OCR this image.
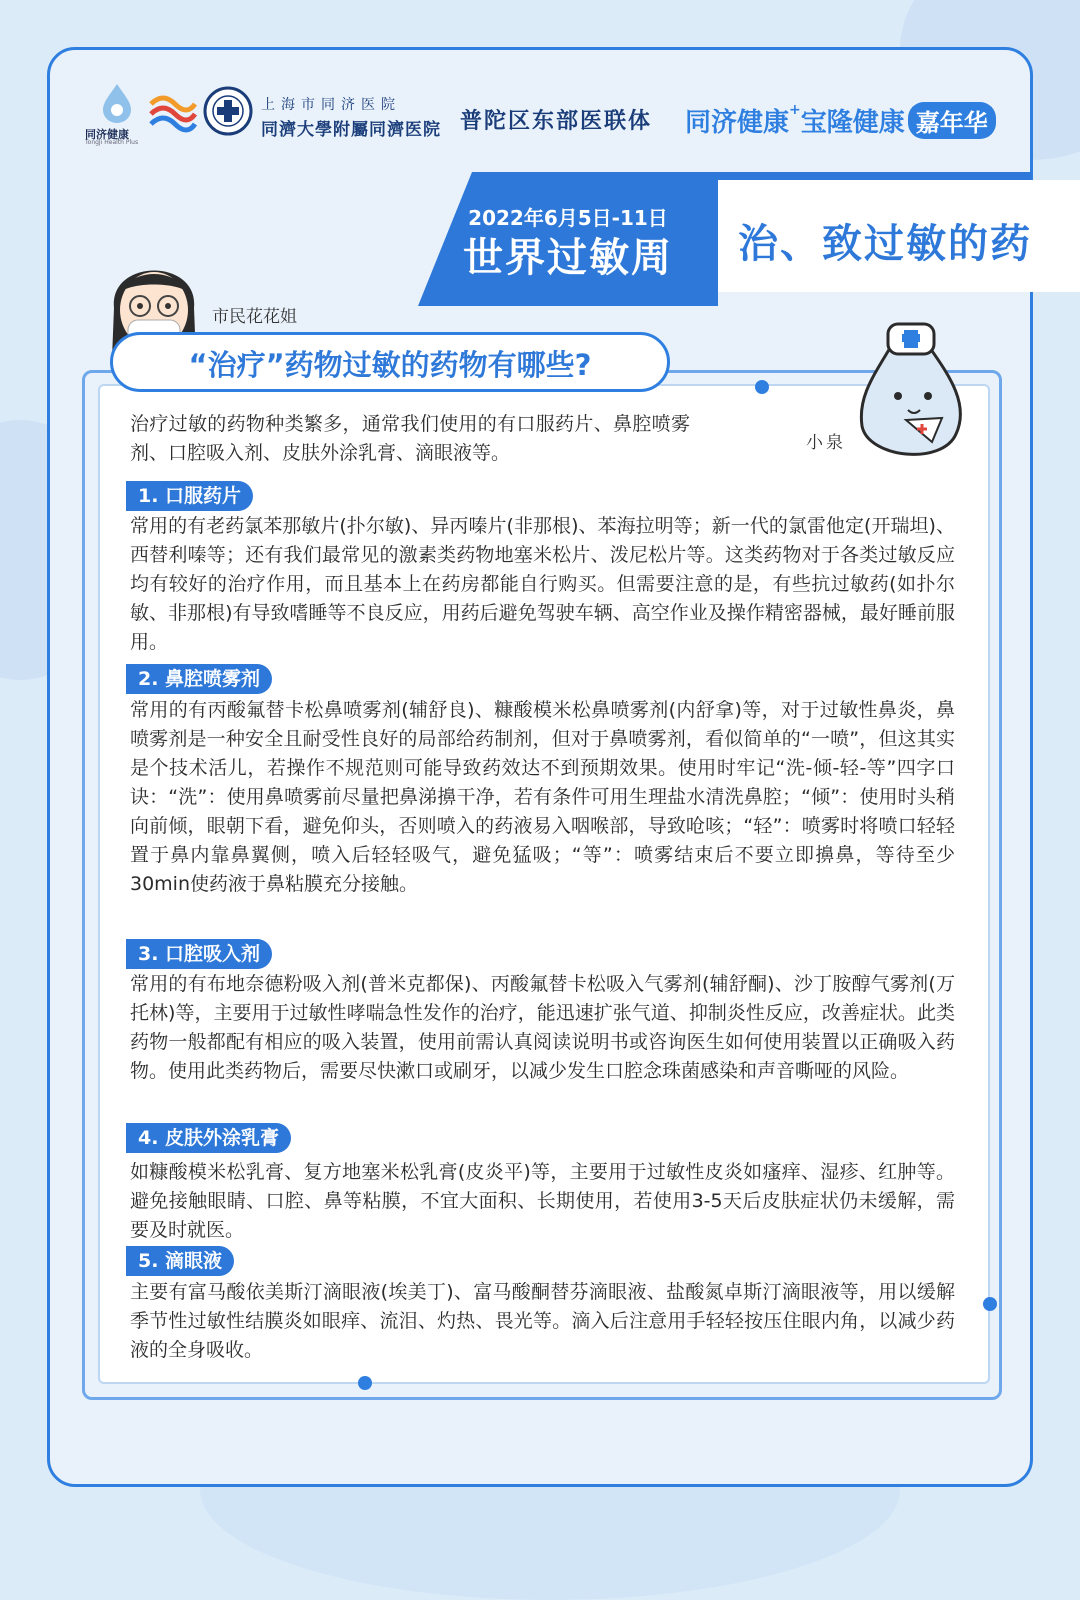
同济健康
TongJi Health Plus
上海市同济医院
同濟大學附屬同濟医院 普陀区东部医联体 同济健康+宝隆健康 嘉年华
2022年6月5日-11日
世界过敏周	治、致过敏的药
市民花花姐
“治疗”药物过敏的药物有哪些?
小泉
治疗过敏的药物种类繁多，通常我们使用的有口服药片、鼻腔喷雾剂、口腔吸入剂、皮肤外涂乳膏、滴眼液等。
1. 口服药片
常用的有老药氯苯那敏片(扑尔敏)、异丙嗪片(非那根)、苯海拉明等；新一代的氯雷他定(开瑞坦)、西替利嗪等；还有我们最常见的激素类药物地塞米松片、泼尼松片等。这类药物对于各类过敏反应均有较好的治疗作用，而且基本上在药房都能自行购买。但需要注意的是，有些抗过敏药(如扑尔敏、非那根)有导致嗜睡等不良反应，用药后避免驾驶车辆、高空作业及操作精密器械，最好睡前服用。
2. 鼻腔喷雾剂
常用的有丙酸氟替卡松鼻喷雾剂(辅舒良)、糠酸模米松鼻喷雾剂(内舒拿)等，对于过敏性鼻炎，鼻喷雾剂是一种安全且耐受性良好的局部给药制剂，但对于鼻喷雾剂，看似简单的“一喷”，但这其实是个技术活儿，若操作不规范则可能导致药效达不到预期效果。使用时牢记“洗-倾-轻-等”四字口诀：“洗”：使用鼻喷雾前尽量把鼻涕擤干净，若有条件可用生理盐水清洗鼻腔；“倾”：使用时头稍向前倾，眼朝下看，避免仰头，否则喷入的药液易入咽喉部，导致呛咳；“轻”：喷雾时将喷口轻轻置于鼻内靠鼻翼侧，喷入后轻轻吸气，避免猛吸；“等”：喷雾结束后不要立即擤鼻，等待至少30min使药液于鼻粘膜充分接触。
3. 口腔吸入剂
常用的有布地奈德粉吸入剂(普米克都保)、丙酸氟替卡松吸入气雾剂(辅舒酮)、沙丁胺醇气雾剂(万托林)等，主要用于过敏性哮喘急性发作的治疗，能迅速扩张气道、抑制炎性反应，改善症状。此类药物一般都配有相应的吸入装置，使用前需认真阅读说明书或咨询医生如何使用装置以正确吸入药物。使用此类药物后，需要尽快漱口或刷牙，以减少发生口腔念珠菌感染和声音嘶哑的风险。
4. 皮肤外涂乳膏
如糠酸模米松乳膏、复方地塞米松乳膏(皮炎平)等，主要用于过敏性皮炎如瘙痒、湿疹、红肿等。避免接触眼睛、口腔、鼻等粘膜，不宜大面积、长期使用，若使用3-5天后皮肤症状仍未缓解，需要及时就医。
5. 滴眼液
主要有富马酸依美斯汀滴眼液(埃美丁)、富马酸酮替芬滴眼液、盐酸氮卓斯汀滴眼液等，用以缓解季节性过敏性结膜炎如眼痒、流泪、灼热、畏光等。滴入后注意用手轻轻按压住眼内角，以减少药液的全身吸收。
